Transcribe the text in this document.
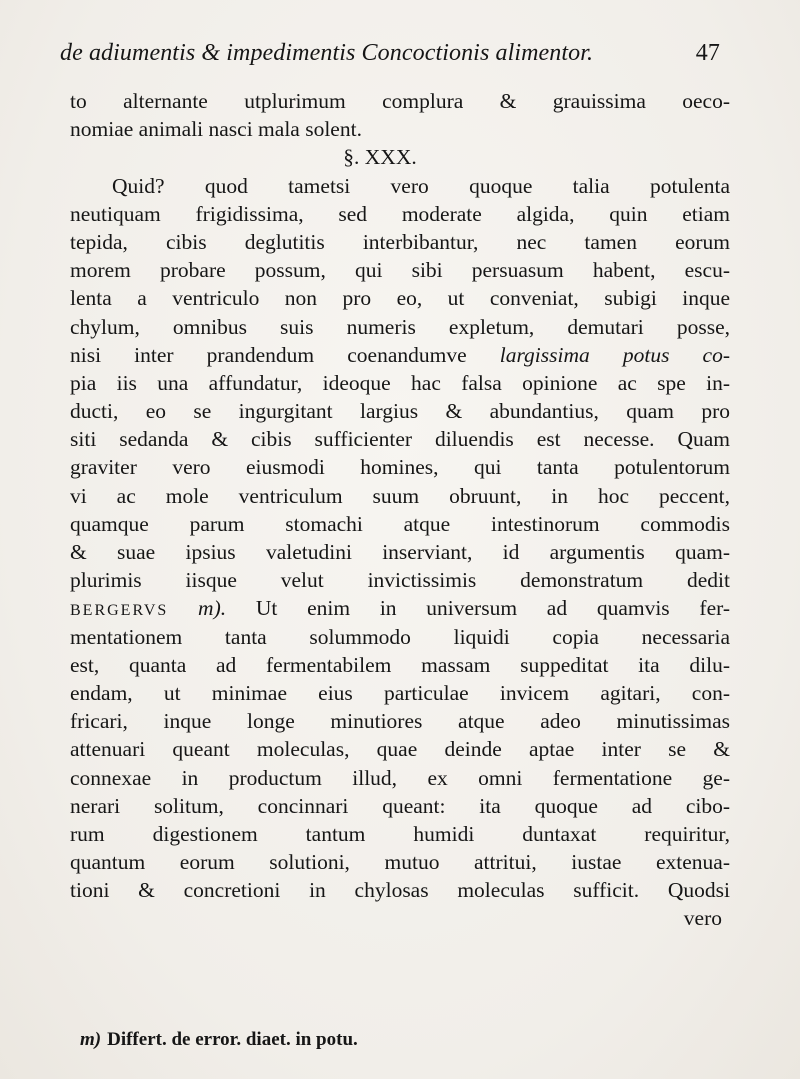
de adiumentis & impedimentis Concoctionis alimentor.	47
to alternante utplurimum complura & grauissima oeco-
nomiae animali nasci mala solent.
§. XXX.
Quid? quod tametsi vero quoque talia potulenta
neutiquam frigidissima, sed moderate algida, quin etiam
tepida, cibis deglutitis interbibantur, nec tamen eorum
morem probare possum, qui sibi persuasum habent, escu-
lenta a ventriculo non pro eo, ut conveniat, subigi inque
chylum, omnibus suis numeris expletum, demutari posse,
nisi inter prandendum coenandumve largissima potus co-
pia iis una affundatur, ideoque hac falsa opinione ac spe in-
ducti, eo se ingurgitant largius & abundantius, quam pro
siti sedanda & cibis sufficienter diluendis est necesse. Quam
graviter vero eiusmodi homines, qui tanta potulentorum
vi ac mole ventriculum suum obruunt, in hoc peccent,
quamque parum stomachi atque intestinorum commodis
& suae ipsius valetudini inserviant, id argumentis quam-
plurimis iisque velut invictissimis demonstratum dedit
BERGERVS m). Ut enim in universum ad quamvis fer-
mentationem tanta solummodo liquidi copia necessaria
est, quanta ad fermentabilem massam suppeditat ita dilu-
endam, ut minimae eius particulae invicem agitari, con-
fricari, inque longe minutiores atque adeo minutissimas
attenuari queant moleculas, quae deinde aptae inter se &
connexae in productum illud, ex omni fermentatione ge-
nerari solitum, concinnari queant: ita quoque ad cibo-
rum digestionem tantum humidi duntaxat requiritur,
quantum eorum solutioni, mutuo attritui, iustae extenua-
tioni & concretioni in chylosas moleculas sufficit. Quodsi
vero
m) Differt. de error. diaet. in potu.
